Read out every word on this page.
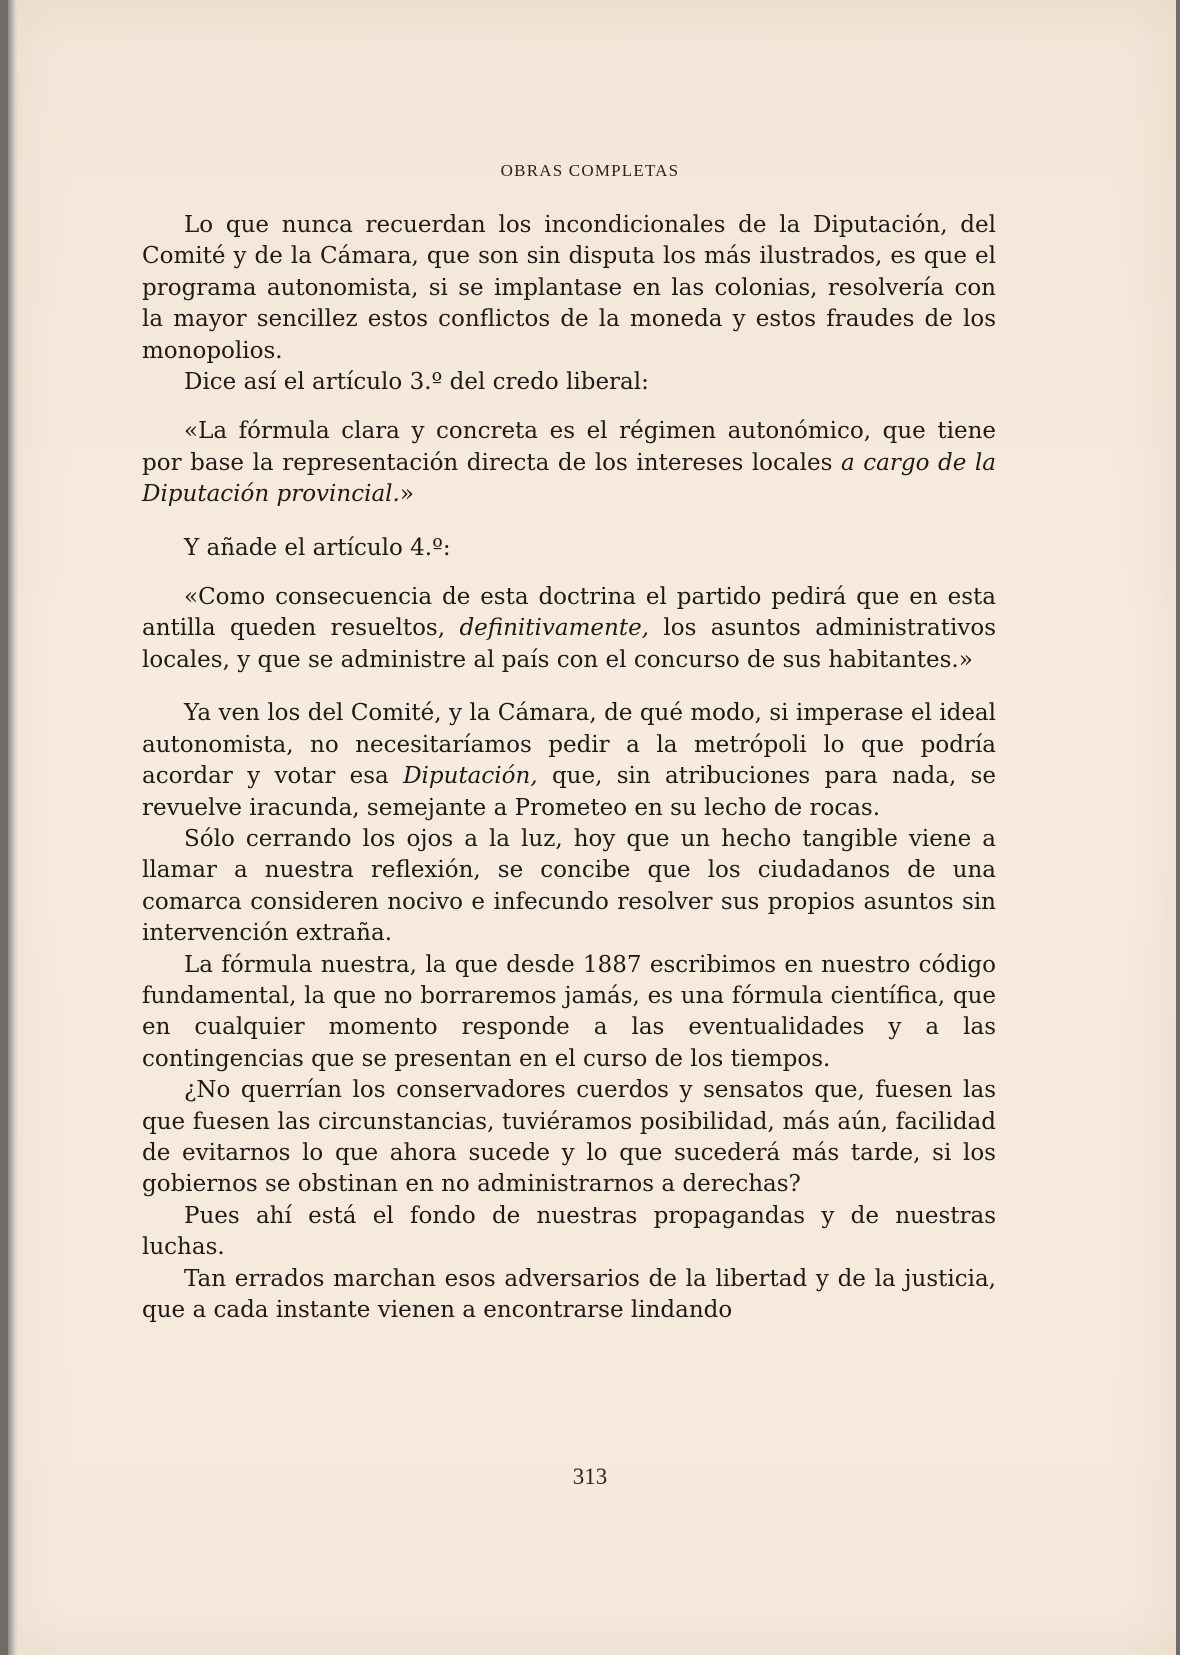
OBRAS COMPLETAS

Lo que nunca recuerdan los incondicionales de la Diputación, del Comité y de la Cámara, que son sin disputa los más ilustrados, es que el programa autonomista, si se implantase en las colonias, resolvería con la mayor sencillez estos conflictos de la moneda y estos fraudes de los monopolios.

Dice así el artículo 3.º del credo liberal:

«La fórmula clara y concreta es el régimen autonómico, que tiene por base la representación directa de los intereses locales a cargo de la Diputación provincial.»

Y añade el artículo 4.º:

«Como consecuencia de esta doctrina el partido pedirá que en esta antilla queden resueltos, definitivamente, los asuntos administrativos locales, y que se administre al país con el concurso de sus habitantes.»

Ya ven los del Comité, y la Cámara, de qué modo, si imperase el ideal autonomista, no necesitaríamos pedir a la metrópoli lo que podría acordar y votar esa Diputación, que, sin atribuciones para nada, se revuelve iracunda, semejante a Prometeo en su lecho de rocas.

Sólo cerrando los ojos a la luz, hoy que un hecho tangible viene a llamar a nuestra reflexión, se concibe que los ciudadanos de una comarca consideren nocivo e infecundo resolver sus propios asuntos sin intervención extraña.

La fórmula nuestra, la que desde 1887 escribimos en nuestro código fundamental, la que no borraremos jamás, es una fórmula científica, que en cualquier momento responde a las eventualidades y a las contingencias que se presentan en el curso de los tiempos.

¿No querrían los conservadores cuerdos y sensatos que, fuesen las que fuesen las circunstancias, tuviéramos posibilidad, más aún, facilidad de evitarnos lo que ahora sucede y lo que sucederá más tarde, si los gobiernos se obstinan en no administrarnos a derechas?

Pues ahí está el fondo de nuestras propagandas y de nuestras luchas.

Tan errados marchan esos adversarios de la libertad y de la justicia, que a cada instante vienen a encontrarse lindando

313
